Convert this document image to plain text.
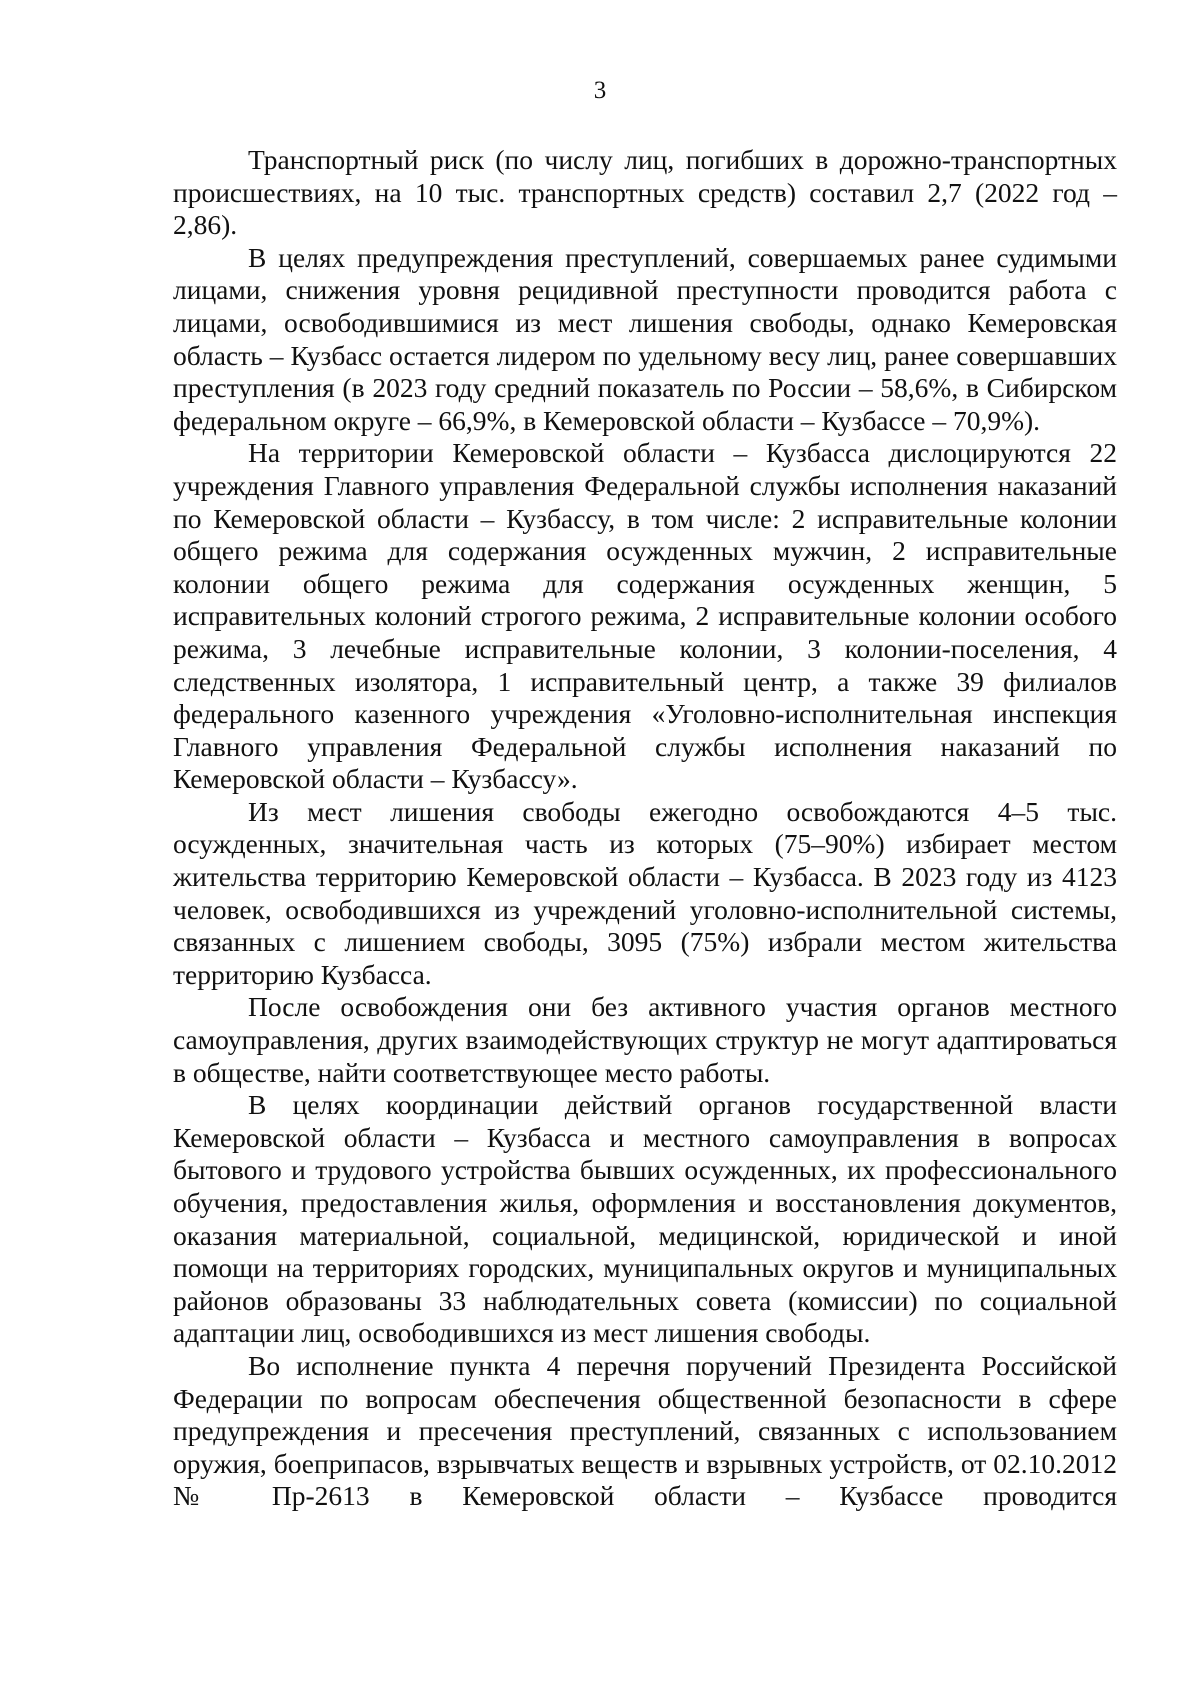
3

Транспортный риск (по числу лиц, погибших в дорожно-транспортных происшествиях, на 10 тыс. транспортных средств) составил 2,7 (2022 год – 2,86).

В целях предупреждения преступлений, совершаемых ранее судимыми лицами, снижения уровня рецидивной преступности проводится работа с лицами, освободившимися из мест лишения свободы, однако Кемеровская область – Кузбасс остается лидером по удельному весу лиц, ранее совершавших преступления (в 2023 году средний показатель по России – 58,6%, в Сибирском федеральном округе – 66,9%, в Кемеровской области – Кузбассе – 70,9%).

На территории Кемеровской области – Кузбасса дислоцируются 22 учреждения Главного управления Федеральной службы исполнения наказаний по Кемеровской области – Кузбассу, в том числе: 2 исправительные колонии общего режима для содержания осужденных мужчин, 2 исправительные колонии общего режима для содержания осужденных женщин, 5 исправительных колоний строгого режима, 2 исправительные колонии особого режима, 3 лечебные исправительные колонии, 3 колонии-поселения, 4 следственных изолятора, 1 исправительный центр, а также 39 филиалов федерального казенного учреждения «Уголовно-исполнительная инспекция Главного управления Федеральной службы исполнения наказаний по Кемеровской области – Кузбассу».

Из мест лишения свободы ежегодно освобождаются 4–5 тыс. осужденных, значительная часть из которых (75–90%) избирает местом жительства территорию Кемеровской области – Кузбасса. В 2023 году из 4123 человек, освободившихся из учреждений уголовно-исполнительной системы, связанных с лишением свободы, 3095 (75%) избрали местом жительства территорию Кузбасса.

После освобождения они без активного участия органов местного самоуправления, других взаимодействующих структур не могут адаптироваться в обществе, найти соответствующее место работы.

В целях координации действий органов государственной власти Кемеровской области – Кузбасса и местного самоуправления в вопросах бытового и трудового устройства бывших осужденных, их профессионального обучения, предоставления жилья, оформления и восстановления документов, оказания материальной, социальной, медицинской, юридической и иной помощи на территориях городских, муниципальных округов и муниципальных районов образованы 33 наблюдательных совета (комиссии) по социальной адаптации лиц, освободившихся из мест лишения свободы.

Во исполнение пункта 4 перечня поручений Президента Российской Федерации по вопросам обеспечения общественной безопасности в сфере предупреждения и пресечения преступлений, связанных с использованием оружия, боеприпасов, взрывчатых веществ и взрывных устройств, от 02.10.2012 № Пр-2613 в Кемеровской области – Кузбассе проводится
